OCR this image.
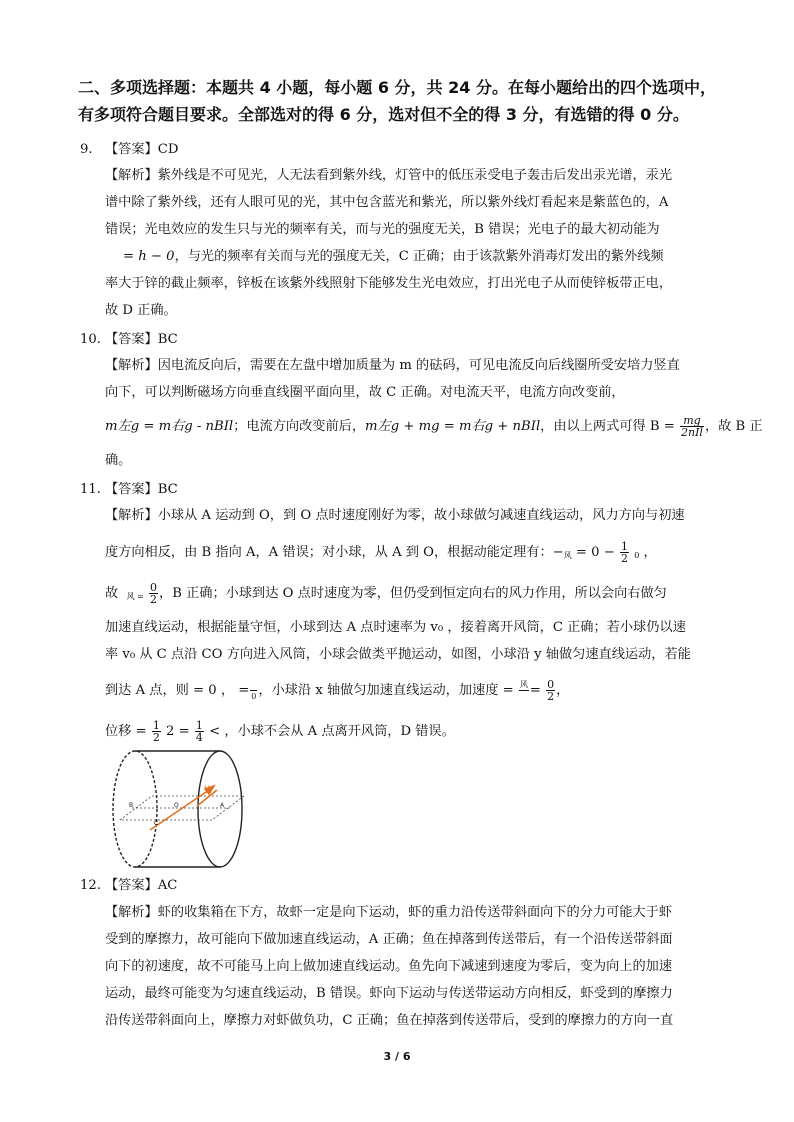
二、多项选择题：本题共 4 小题，每小题 6 分，共 24 分。在每小题给出的四个选项中，有多项符合题目要求。全部选对的得 6 分，选对但不全的得 3 分，有选错的得 0 分。
9. 【答案】CD
【解析】紫外线是不可见光，人无法看到紫外线，灯管中的低压汞受电子轰击后发出汞光谱，汞光
谱中除了紫外线，还有人眼可见的光，其中包含蓝光和紫光，所以紫外线灯看起来是紫蓝色的，A
错误；光电效应的发生只与光的频率有关，而与光的强度无关，B 错误；光电子的最大初动能为
= h − 0，与光的频率有关而与光的强度无关，C 正确；由于该款紫外消毒灯发出的紫外线频
率大于锌的截止频率，锌板在该紫外线照射下能够发生光电效应，打出光电子从而使锌板带正电，
故 D 正确。
10. 【答案】BC
【解析】因电流反向后，需要在左盘中增加质量为 m 的砝码，可见电流反向后线圈所受安培力竖直
向下，可以判断磁场方向垂直线圈平面向里，故 C 正确。对电流天平，电流方向改变前，
m左g = m右g - nBIl；电流方向改变前后，m左g + mg = m右g + nBIl，由以上两式可得 $B = \frac{mg}{\text{2nIl}}$ ，故 B 正
确。
11. 【答案】BC
【解析】小球从 A 运动到 O，到 O 点时速度刚好为零，故小球做匀减速直线运动，风力方向与初速
度方向相反，由 B 指向 A，A 错误；对小球，从 A 到 O，根据动能定理有：$-_风 = 0 - \frac{1}{2} _0$ ，
故 $_{风 =} \frac{0}{2}$ ，B 正确；小球到达 O 点时速度为零，但仍受到恒定向右的风力作用，所以会向右做匀
加速直线运动，根据能量守恒，小球到达 A 点时速率为 v₀ ，接着离开风筒，C 正确；若小球仍以速
率 v₀ 从 C 点沿 CO 方向进入风筒，小球会做类平抛运动，如图，小球沿 y 轴做匀速直线运动，若能
到达 A 点，则 = 0 ， =
0 ，小球沿 x 轴做匀加速直线运动，加速度 = 风
= $\frac{0}{2}$ ，
位移 = $\frac{1}{2} 2 = \frac{1}{4}$ < ，小球不会从 A 点离开风筒，D 错误。
y
B	O	A
C
12. 【答案】AC
【解析】虾的收集箱在下方，故虾一定是向下运动，虾的重力沿传送带斜面向下的分力可能大于虾
受到的摩擦力，故可能向下做加速直线运动，A 正确；鱼在掉落到传送带后，有一个沿传送带斜面
向下的初速度，故不可能马上向上做加速直线运动。鱼先向下减速到速度为零后，变为向上的加速
运动，最终可能变为匀速直线运动，B 错误。虾向下运动与传送带运动方向相反，虾受到的摩擦力
沿传送带斜面向上，摩擦力对虾做负功，C 正确；鱼在掉落到传送带后，受到的摩擦力的方向一直
3 / 6
